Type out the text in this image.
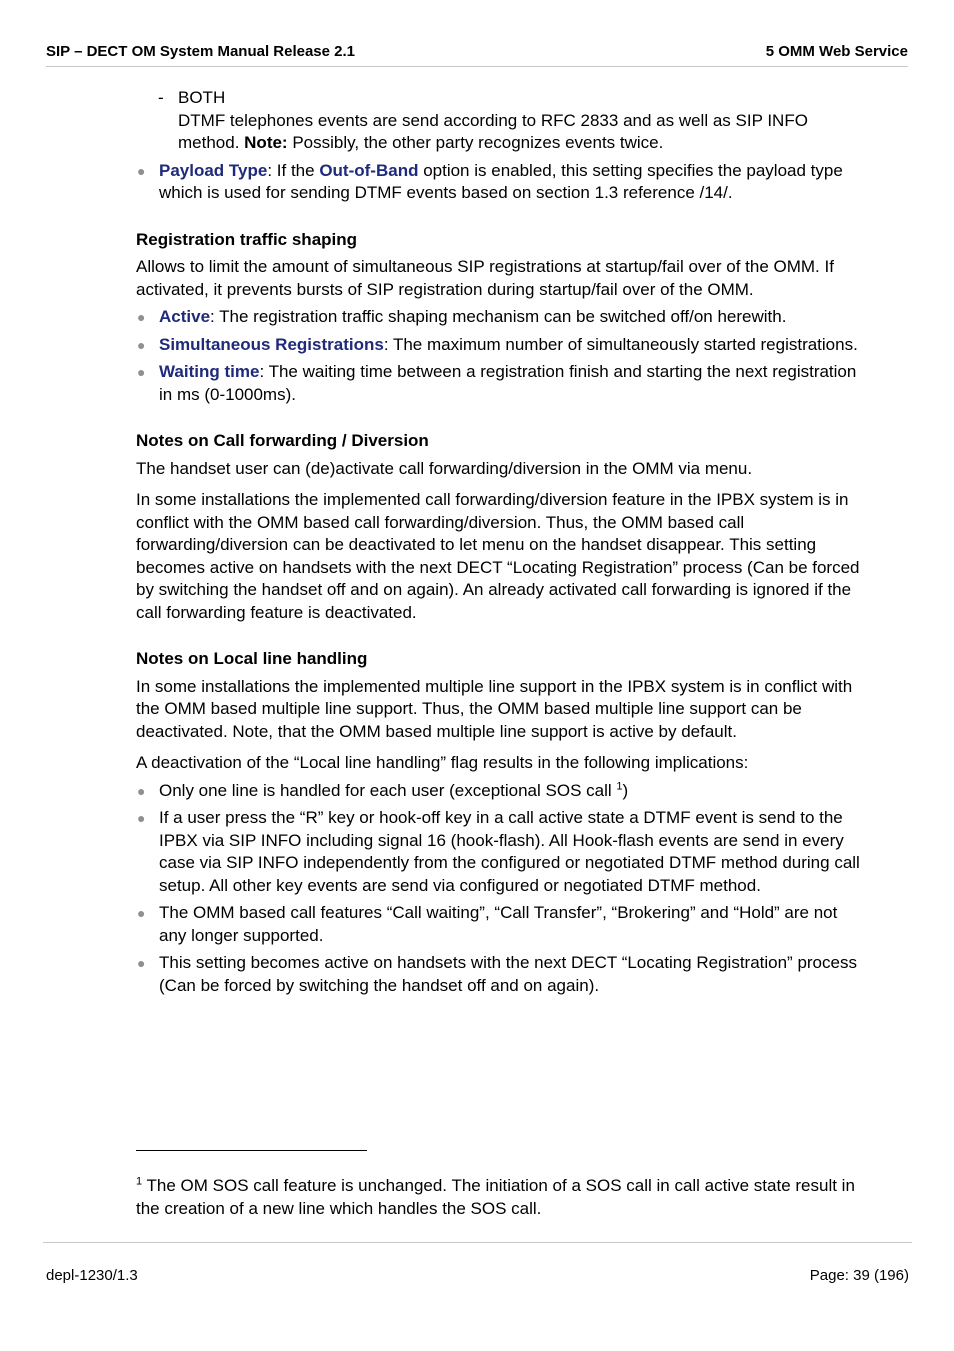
SIP – DECT OM System Manual Release 2.1	5 OMM Web Service
- BOTH
DTMF telephones events are send according to RFC 2833 and as well as SIP INFO method. Note: Possibly, the other party recognizes events twice.
● Payload Type: If the Out-of-Band option is enabled, this setting specifies the payload type which is used for sending DTMF events based on section 1.3 reference /14/.

Registration traffic shaping

Allows to limit the amount of simultaneous SIP registrations at startup/fail over of the OMM. If activated, it prevents bursts of SIP registration during startup/fail over of the OMM.

● Active: The registration traffic shaping mechanism can be switched off/on herewith.
● Simultaneous Registrations: The maximum number of simultaneously started registrations.
● Waiting time: The waiting time between a registration finish and starting the next registration in ms (0-1000ms).

Notes on Call forwarding / Diversion

The handset user can (de)activate call forwarding/diversion in the OMM via menu.

In some installations the implemented call forwarding/diversion feature in the IPBX system is in conflict with the OMM based call forwarding/diversion. Thus, the OMM based call forwarding/diversion can be deactivated to let menu on the handset disappear. This setting becomes active on handsets with the next DECT “Locating Registration” process (Can be forced by switching the handset off and on again). An already activated call forwarding is ignored if the call forwarding feature is deactivated.

Notes on Local line handling

In some installations the implemented multiple line support in the IPBX system is in conflict with the OMM based multiple line support. Thus, the OMM based multiple line support can be deactivated. Note, that the OMM based multiple line support is active by default.

A deactivation of the “Local line handling” flag results in the following implications:

● Only one line is handled for each user (exceptional SOS call $^1$)
● If a user press the “R” key or hook-off key in a call active state a DTMF event is send to the IPBX via SIP INFO including signal 16 (hook-flash). All Hook-flash events are send in every case via SIP INFO independently from the configured or negotiated DTMF method during call setup. All other key events are send via configured or negotiated DTMF method.
● The OMM based call features “Call waiting”, “Call Transfer”, “Brokering” and “Hold” are not any longer supported.
● This setting becomes active on handsets with the next DECT “Locating Registration” process (Can be forced by switching the handset off and on again).

$^1$ The OM SOS call feature is unchanged. The initiation of a SOS call in call active state result in the creation of a new line which handles the SOS call.

depl-1230/1.3	Page: 39 (196)
